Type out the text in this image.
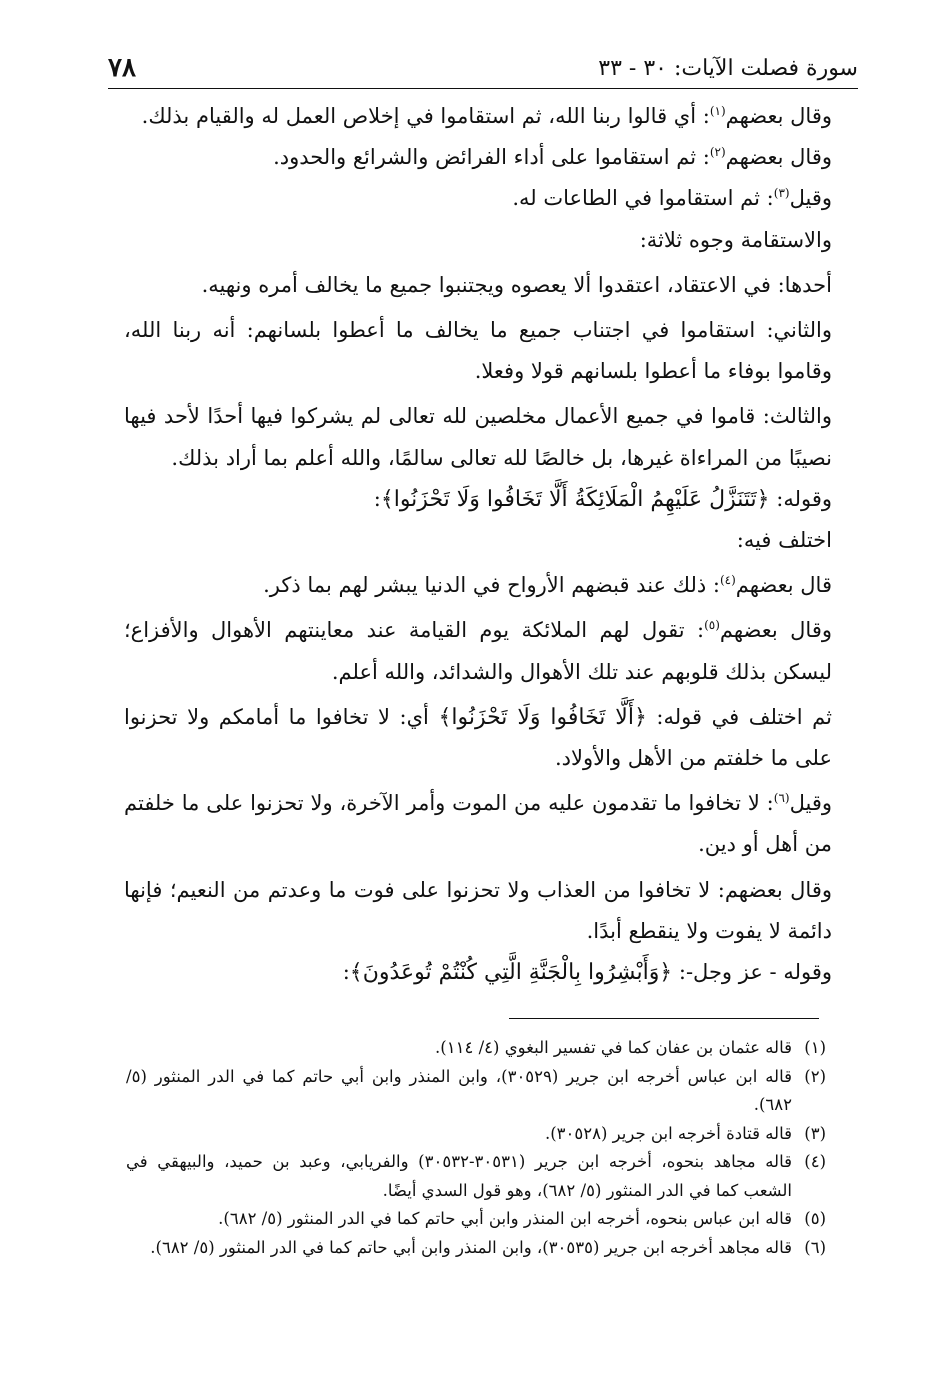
سورة فصلت الآيات: ٣٠ - ٣٣
٧٨

وقال بعضهم$^{(١)}$: أي قالوا ربنا الله، ثم استقاموا في إخلاص العمل له والقيام بذلك.

وقال بعضهم$^{(٢)}$: ثم استقاموا على أداء الفرائض والشرائع والحدود.

وقيل$^{(٣)}$: ثم استقاموا في الطاعات له.

والاستقامة وجوه ثلاثة:

أحدها: في الاعتقاد، اعتقدوا ألا يعصوه ويجتنبوا جميع ما يخالف أمره ونهيه.

والثاني: استقاموا في اجتناب جميع ما يخالف ما أعطوا بلسانهم: أنه ربنا الله، وقاموا بوفاء ما أعطوا بلسانهم قولا وفعلا.

والثالث: قاموا في جميع الأعمال مخلصين لله تعالى لم يشركوا فيها أحدًا لأحد فيها نصيبًا من المراءاة غيرها، بل خالصًا لله تعالى سالمًا، والله أعلم بما أراد بذلك.

وقوله: ﴿تَتَنَزَّلُ عَلَيْهِمُ الْمَلَائِكَةُ أَلَّا تَخَافُوا وَلَا تَحْزَنُوا﴾:

اختلف فيه:

قال بعضهم$^{(٤)}$: ذلك عند قبضهم الأرواح في الدنيا يبشر لهم بما ذكر.

وقال بعضهم$^{(٥)}$: تقول لهم الملائكة يوم القيامة عند معاينتهم الأهوال والأفزاع؛ ليسكن بذلك قلوبهم عند تلك الأهوال والشدائد، والله أعلم.

ثم اختلف في قوله: ﴿أَلَّا تَخَافُوا وَلَا تَحْزَنُوا﴾ أي: لا تخافوا ما أمامكم ولا تحزنوا على ما خلفتم من الأهل والأولاد.

وقيل$^{(٦)}$: لا تخافوا ما تقدمون عليه من الموت وأمر الآخرة، ولا تحزنوا على ما خلفتم من أهل أو دين.

وقال بعضهم: لا تخافوا من العذاب ولا تحزنوا على فوت ما وعدتم من النعيم؛ فإنها دائمة لا يفوت ولا ينقطع أبدًا.

وقوله - عز وجل-: ﴿وَأَبْشِرُوا بِالْجَنَّةِ الَّتِي كُنْتُمْ تُوعَدُونَ﴾:

(١)
قاله عثمان بن عفان كما في تفسير البغوي (٤/ ١١٤).

(٢)
قاله ابن عباس أخرجه ابن جرير (٣٠٥٢٩)، وابن المنذر وابن أبي حاتم كما في الدر المنثور (٥/ ٦٨٢).

(٣)
قاله قتادة أخرجه ابن جرير (٣٠٥٢٨).

(٤)
قاله مجاهد بنحوه، أخرجه ابن جرير (٣٠٥٣١-٣٠٥٣٢) والفريابي، وعبد بن حميد، والبيهقي في الشعب كما في الدر المنثور (٥/ ٦٨٢)، وهو قول السدي أيضًا.

(٥)
قاله ابن عباس بنحوه، أخرجه ابن المنذر وابن أبي حاتم كما في الدر المنثور (٥/ ٦٨٢).

(٦)
قاله مجاهد أخرجه ابن جرير (٣٠٥٣٥)، وابن المنذر وابن أبي حاتم كما في الدر المنثور (٥/ ٦٨٢).
